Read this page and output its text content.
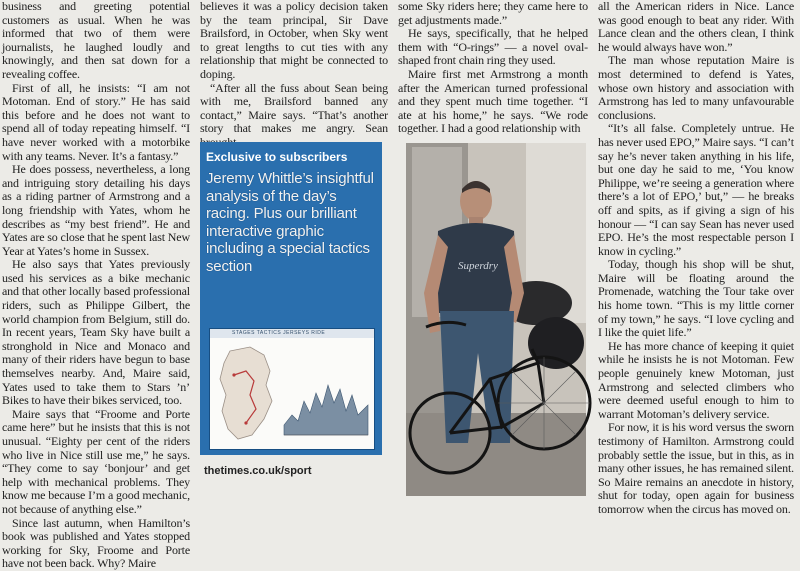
business and greeting potential customers as usual. When he was informed that two of them were journalists, he laughed loudly and knowingly, and then sat down for a revealing coffee.

First of all, he insists: “I am not Motoman. End of story.” He has said this before and he does not want to spend all of today repeating himself. “I have never worked with a motorbike with any teams. Never. It’s a fantasy.”

He does possess, nevertheless, a long and intriguing story detailing his days as a riding partner of Armstrong and a long friendship with Yates, whom he describes as “my best friend”. He and Yates are so close that he spent last New Year at Yates’s home in Sussex.

He also says that Yates previously used his services as a bike mechanic and that other locally based professional riders, such as Philippe Gilbert, the world champion from Belgium, still do. In recent years, Team Sky have built a stronghold in Nice and Monaco and many of their riders have begun to base themselves nearby. And, Maire said, Yates used to take them to Stars ’n’ Bikes to have their bikes serviced, too.

Maire says that “Froome and Porte came here” but he insists that this is not unusual. “Eighty per cent of the riders who live in Nice still use me,” he says. “They come to say ‘bonjour’ and get help with mechanical problems. They know me because I’m a good mechanic, not because of anything else.”

Since last autumn, when Hamilton’s book was published and Yates stopped working for Sky, Froome and Porte have not been back. Why? Maire

believes it was a policy decision taken by the team principal, Sir Dave Brailsford, in October, when Sky went to great lengths to cut ties with any relationship that might be connected to doping.

“After all the fuss about Sean being with me, Brailsford banned any contact,” Maire says. “That’s another story that makes me angry. Sean

Exclusive to subscribers
Jeremy Whittle’s insightful analysis of the day’s racing. Plus our brilliant interactive graphic including a special tactics section
STAGES TACTICS JERSEYS RIDE
thetimes.co.uk/sport

some Sky riders here; they came here to get adjustments made.”

He says, specifically, that he helped them with “O-rings” — a novel oval-shaped front chain ring they used.

Maire first met Armstrong a month after the American turned professional and they spent much time together. “I ate at his home,” he says. “We rode together. I had a good relationship with

Superdry

all the American riders in Nice. Lance was good enough to beat any rider. With Lance clean and the others clean, I think he would always have won.”

The man whose reputation Maire is most determined to defend is Yates, whose own history and association with Armstrong has led to many unfavourable conclusions.

“It’s all false. Completely untrue. He has never used EPO,” Maire says. “I can’t say he’s never taken anything in his life, but one day he said to me, ‘You know Philippe, we’re seeing a generation where there’s a lot of EPO,’ but,” — he breaks off and spits, as if giving a sign of his honour — “I can say Sean has never used EPO. He’s the most respectable person I know in cycling.”

Today, though his shop will be shut, Maire will be floating around the Promenade, watching the Tour take over his home town. “This is my little corner of my town,” he says. “I love cycling and I like the quiet life.”

He has more chance of keeping it quiet while he insists he is not Motoman. Few people genuinely knew Motoman, just Armstrong and selected climbers who were deemed useful enough to him to warrant Motoman’s delivery service.

For now, it is his word versus the sworn testimony of Hamilton. Armstrong could probably settle the issue, but in this, as in many other issues, he has remained silent. So Maire remains an anecdote in history, shut for today, open again for business tomorrow when the circus has moved on.
